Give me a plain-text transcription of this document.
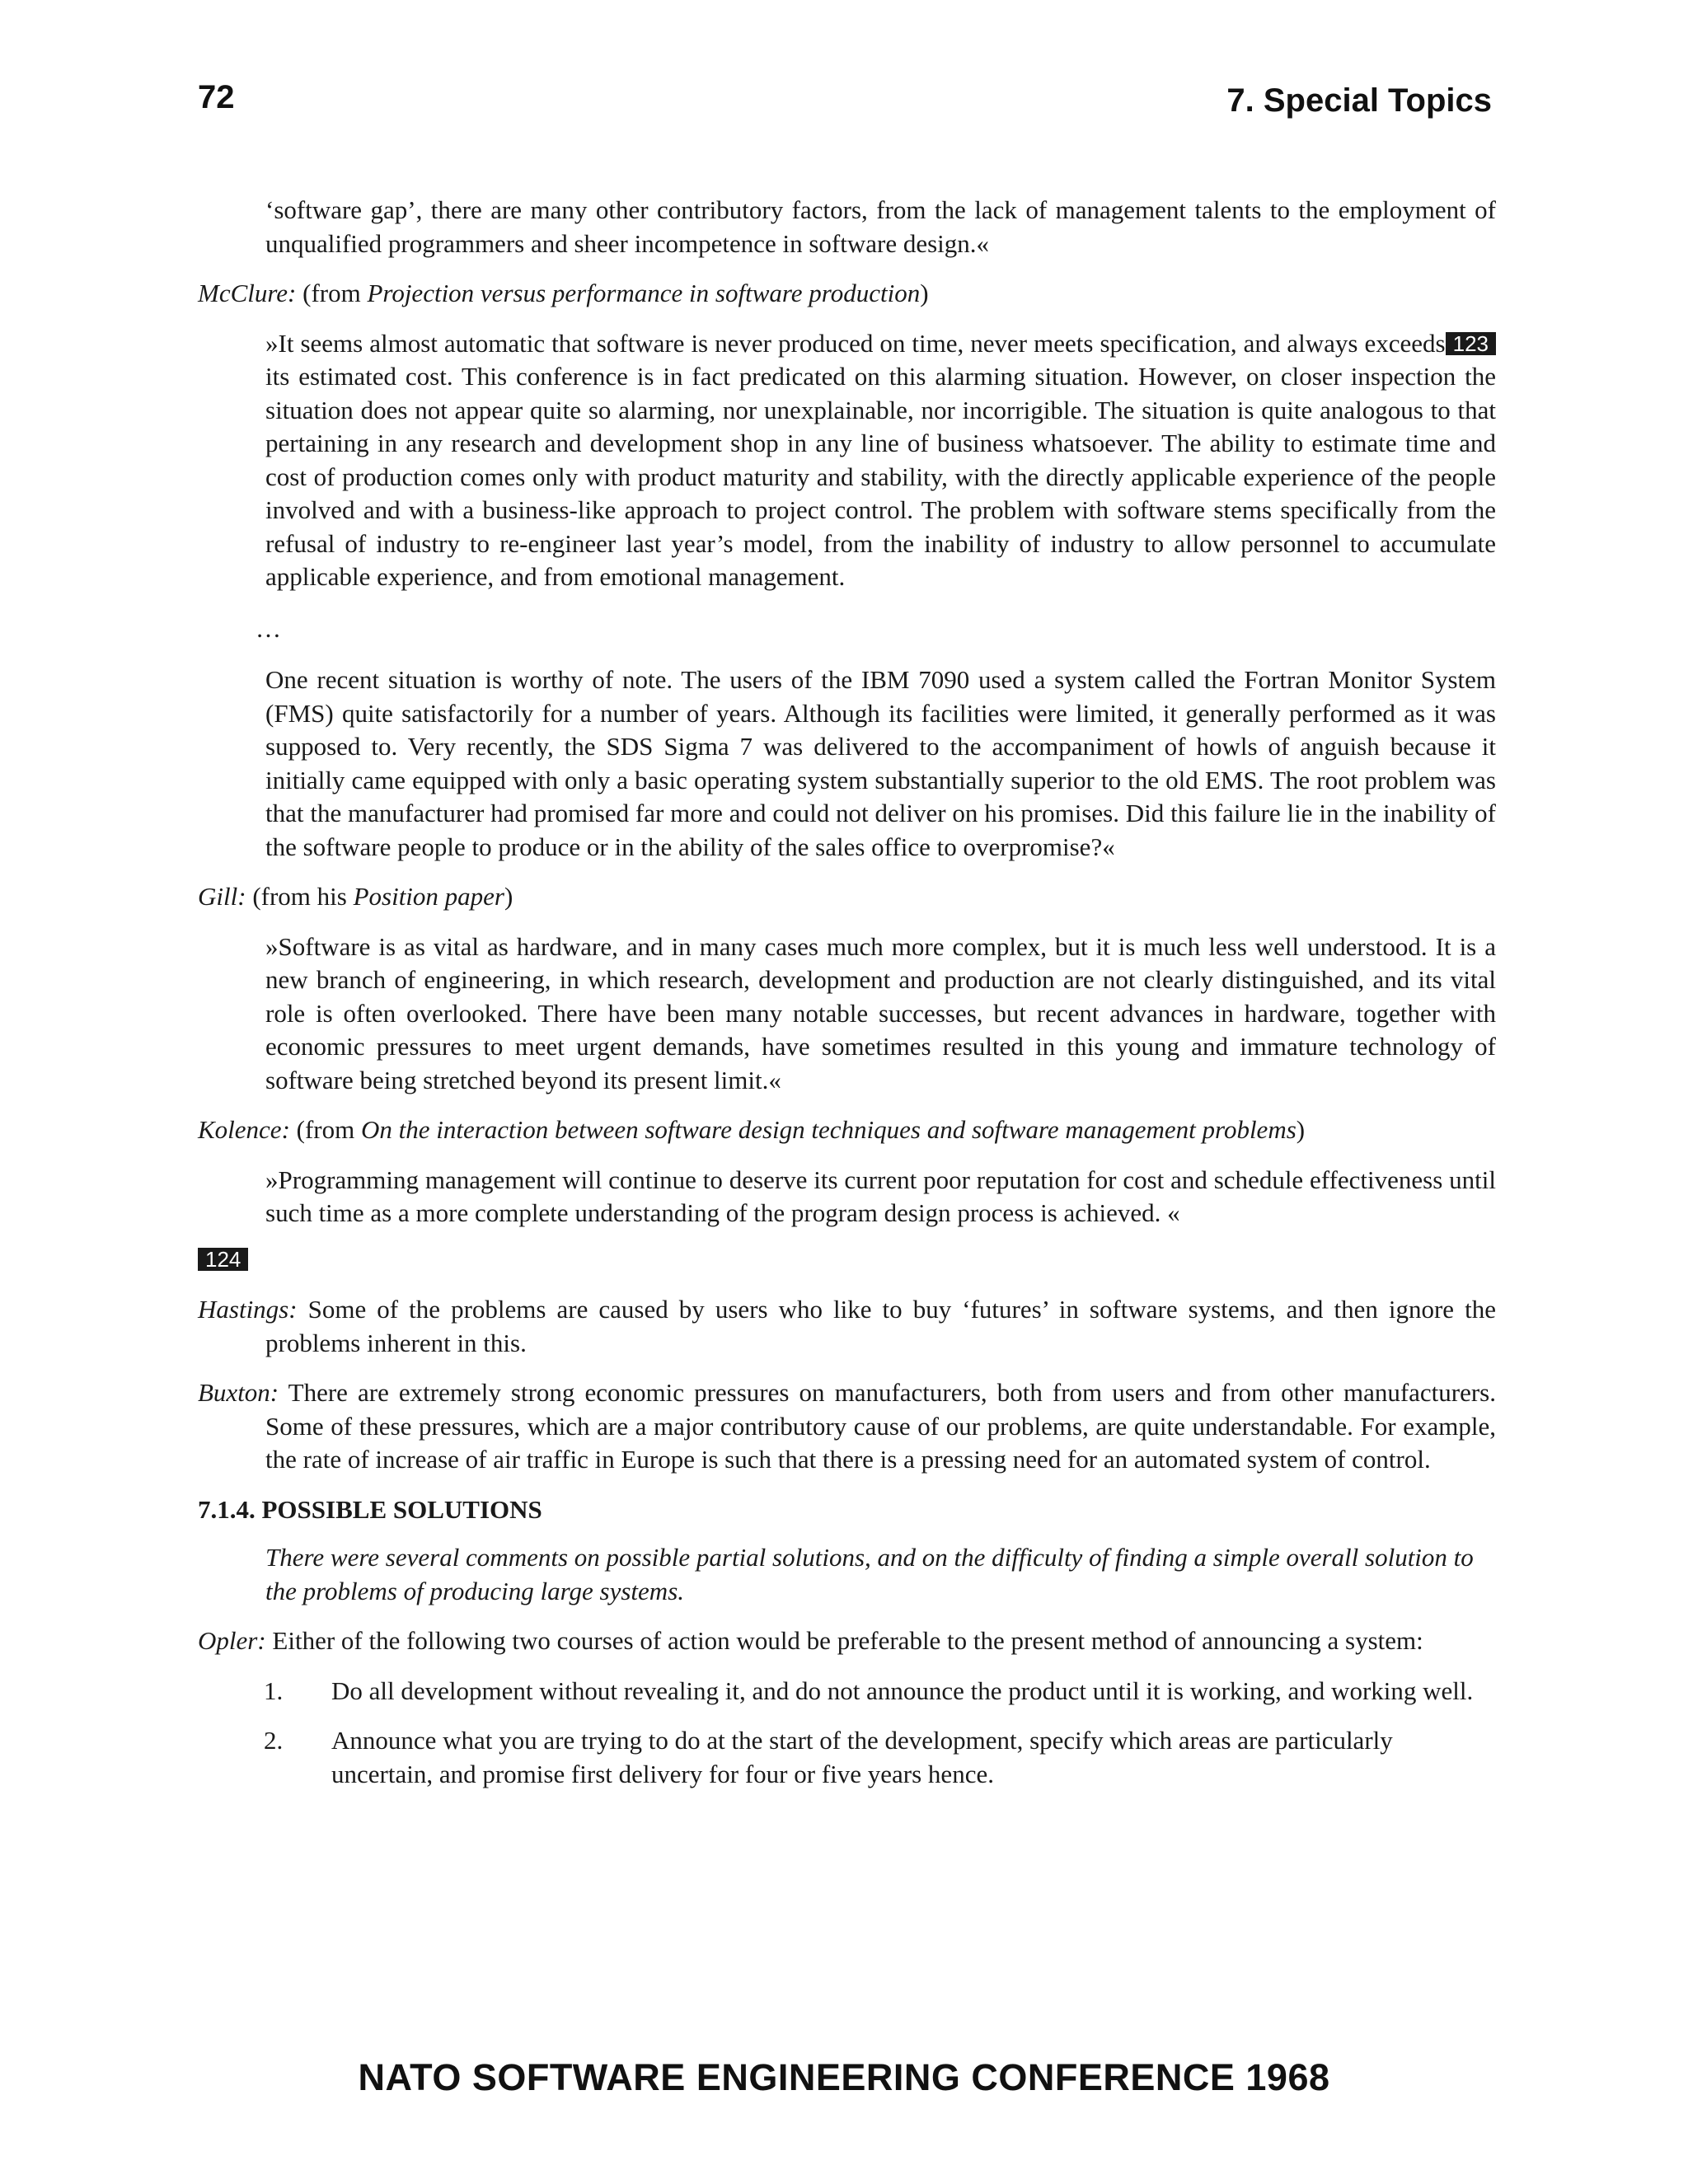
72	7. Special Topics

‘software gap’, there are many other contributory factors, from the lack of management talents to the employment of unqualified programmers and sheer incompetence in software design.«

McClure: (from Projection versus performance in software production)

123
»It seems almost automatic that software is never produced on time, never meets specification, and always exceeds its estimated cost. This conference is in fact predicated on this alarming situation. However, on closer inspection the situation does not appear quite so alarming, nor unexplainable, nor incorrigible. The situation is quite analogous to that pertaining in any research and development shop in any line of business whatsoever. The ability to estimate time and cost of production comes only with product maturity and stability, with the directly applicable experience of the people involved and with a business-like approach to project control. The problem with software stems specifically from the refusal of industry to re-engineer last year’s model, from the inability of industry to allow personnel to accumulate applicable experience, and from emotional management.

…

One recent situation is worthy of note. The users of the IBM 7090 used a system called the Fortran Monitor System (FMS) quite satisfactorily for a number of years. Although its facilities were limited, it generally performed as it was supposed to. Very recently, the SDS Sigma 7 was delivered to the accompaniment of howls of anguish because it initially came equipped with only a basic operating system substantially superior to the old EMS. The root problem was that the manufacturer had promised far more and could not deliver on his promises. Did this failure lie in the inability of the software people to produce or in the ability of the sales office to overpromise?«

Gill: (from his Position paper)

»Software is as vital as hardware, and in many cases much more complex, but it is much less well understood. It is a new branch of engineering, in which research, development and production are not clearly distinguished, and its vital role is often overlooked. There have been many notable successes, but recent advances in hardware, together with economic pressures to meet urgent demands, have sometimes resulted in this young and immature technology of software being stretched beyond its present limit.«

Kolence: (from On the interaction between software design techniques and software management problems)

»Programming management will continue to deserve its current poor reputation for cost and schedule effectiveness until such time as a more complete understanding of the program design process is achieved. «

124

Hastings: Some of the problems are caused by users who like to buy ‘futures’ in software systems, and then ignore the problems inherent in this.

Buxton: There are extremely strong economic pressures on manufacturers, both from users and from other manufacturers. Some of these pressures, which are a major contributory cause of our problems, are quite understandable. For example, the rate of increase of air traffic in Europe is such that there is a pressing need for an automated system of control.

7.1.4. POSSIBLE SOLUTIONS

There were several comments on possible partial solutions, and on the difficulty of finding a simple overall solution to the problems of producing large systems.

Opler: Either of the following two courses of action would be preferable to the present method of announcing a system:

1. Do all development without revealing it, and do not announce the product until it is working, and working well.
2. Announce what you are trying to do at the start of the development, specify which areas are particularly uncertain, and promise first delivery for four or five years hence.
NATO SOFTWARE ENGINEERING CONFERENCE 1968
